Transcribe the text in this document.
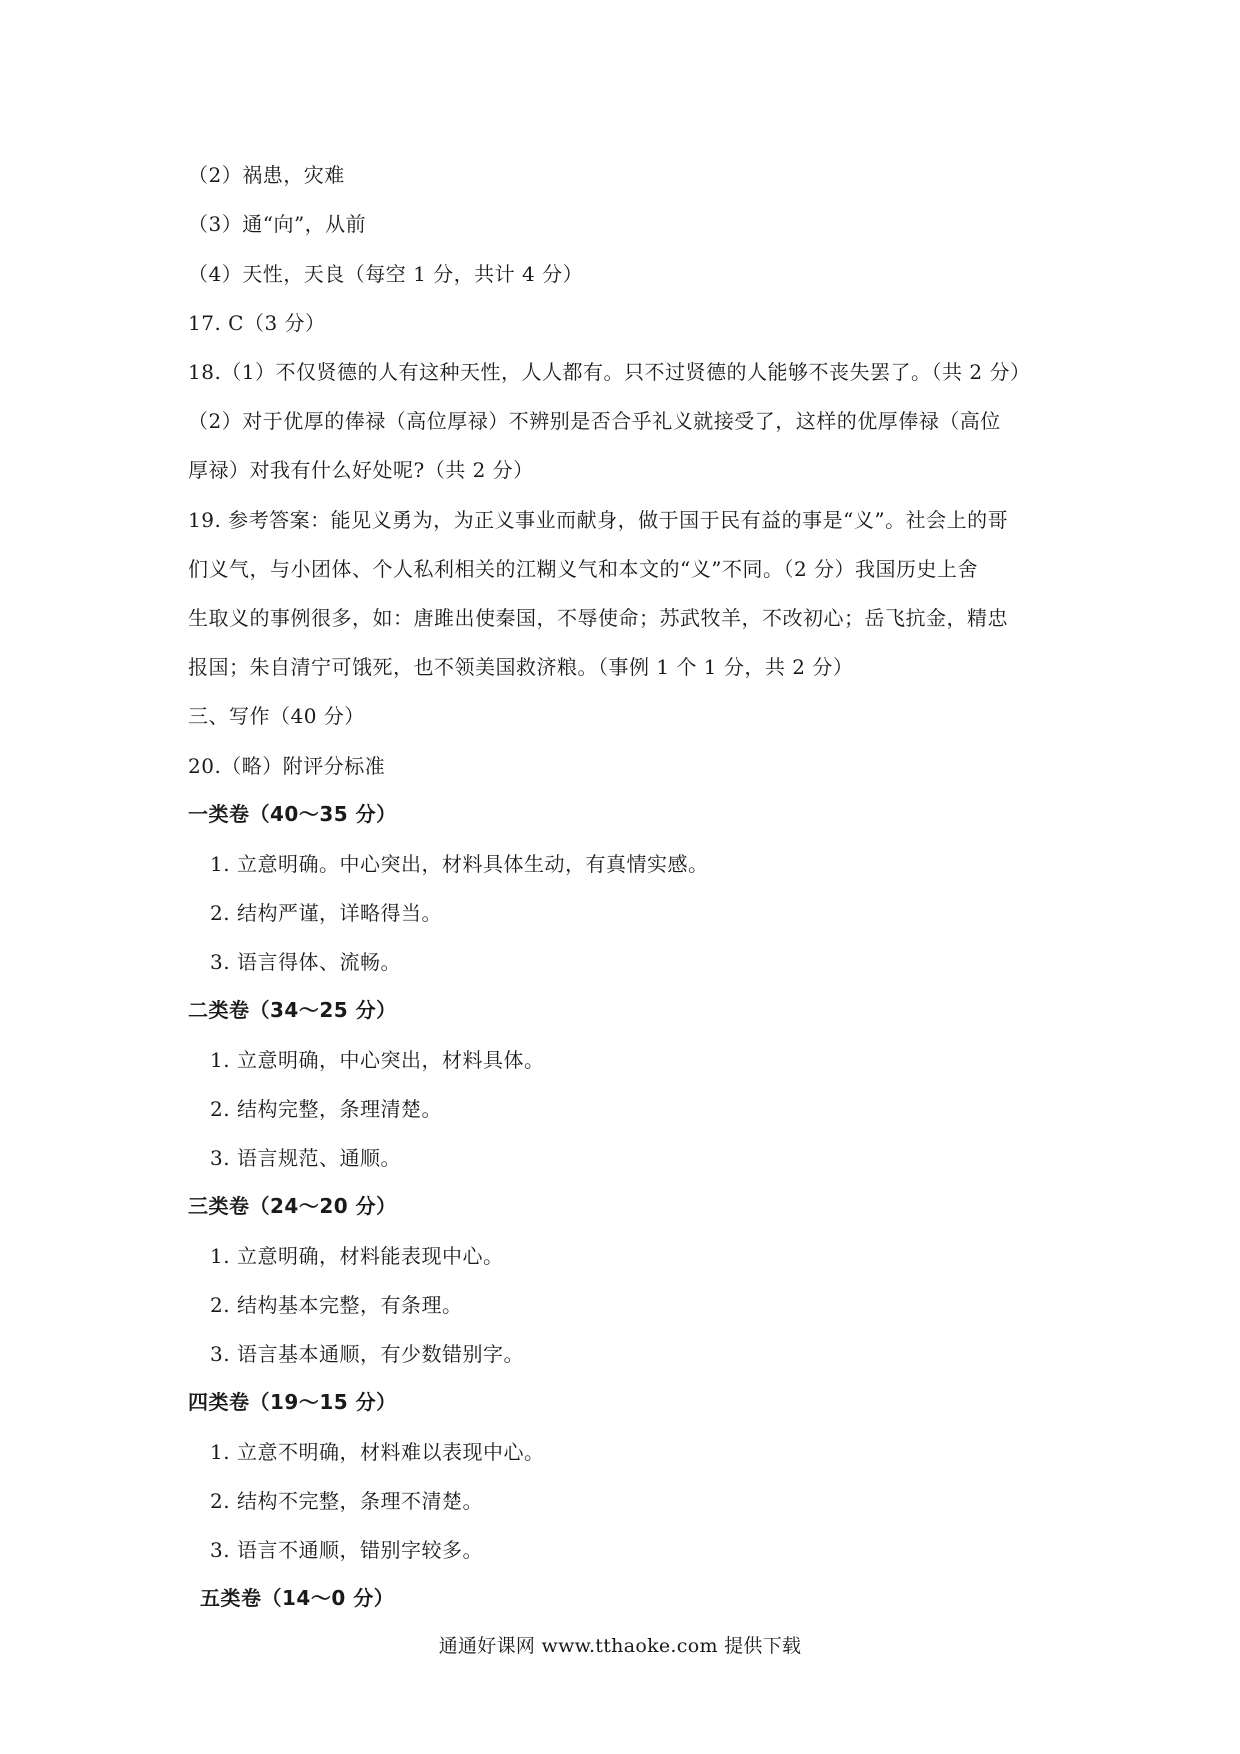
（2）祸患，灾难
（3）通“向”，从前
（4）天性，天良（每空 1 分，共计 4 分）
17. C（3 分）
18.（1）不仅贤德的人有这种天性，人人都有。只不过贤德的人能够不丧失罢了。（共 2 分）
（2）对于优厚的俸禄（高位厚禄）不辨别是否合乎礼义就接受了，这样的优厚俸禄（高位
厚禄）对我有什么好处呢?（共 2 分）
19. 参考答案：能见义勇为，为正义事业而献身，做于国于民有益的事是“义”。社会上的哥
们义气，与小团体、个人私利相关的江糊义气和本文的“义”不同。（2 分）我国历史上舍
生取义的事例很多，如：唐雎出使秦国，不辱使命；苏武牧羊，不改初心；岳飞抗金，精忠
报国；朱自清宁可饿死，也不领美国救济粮。（事例 1 个 1 分，共 2 分）
三、写作（40 分）
20.（略）附评分标准
一类卷（40～35 分）
1. 立意明确。中心突出，材料具体生动，有真情实感。
2. 结构严谨，详略得当。
3. 语言得体、流畅。
二类卷（34～25 分）
1. 立意明确，中心突出，材料具体。
2. 结构完整，条理清楚。
3. 语言规范、通顺。
三类卷（24～20 分）
1. 立意明确，材料能表现中心。
2. 结构基本完整，有条理。
3. 语言基本通顺，有少数错别字。
四类卷（19～15 分）
1. 立意不明确，材料难以表现中心。
2. 结构不完整，条理不清楚。
3. 语言不通顺，错别字较多。
五类卷（14～0 分）
通通好课网 www.tthaoke.com 提供下载
